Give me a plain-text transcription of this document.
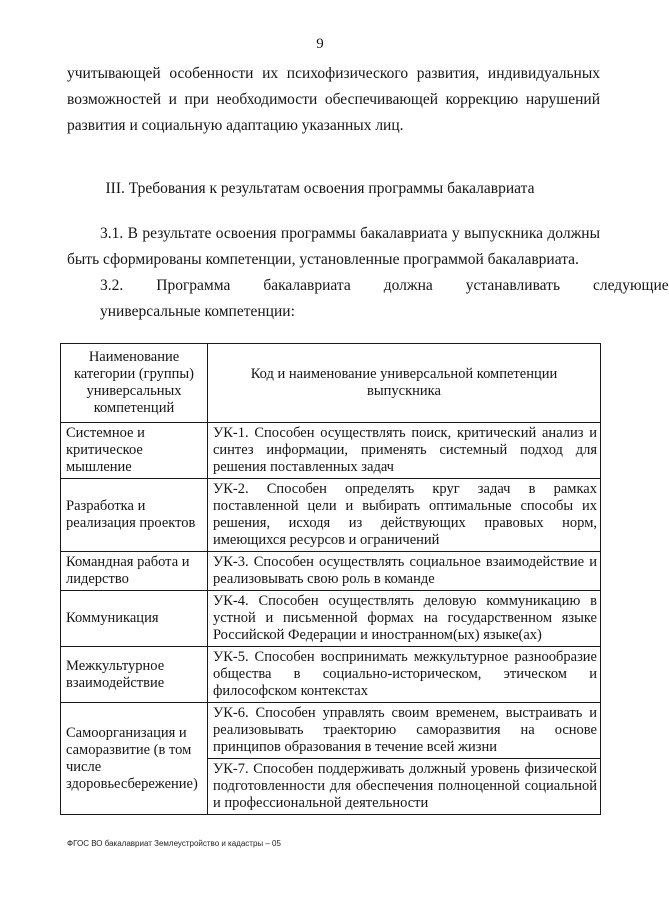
9
учитывающей особенности их психофизического развития, индивидуальных возможностей и при необходимости обеспечивающей коррекцию нарушений развития и социальную адаптацию указанных лиц.
III. Требования к результатам освоения программы бакалавриата
3.1. В результате освоения программы бакалавриата у выпускника должны быть сформированы компетенции, установленные программой бакалавриата.
3.2.	Программа	бакалавриата	должна	устанавливать	следующие
универсальные компетенции:
Наименование категории (группы) универсальных компетенций	Код и наименование универсальной компетенции выпускника
Системное и критическое мышление	УК-1. Способен осуществлять поиск, критический анализ и синтез информации, применять системный подход для решения поставленных задач
Разработка и реализация проектов	УК-2. Способен определять круг задач в рамках поставленной цели и выбирать оптимальные способы их решения, исходя из действующих правовых норм, имеющихся ресурсов и ограничений
Командная работа и лидерство	УК-3. Способен осуществлять социальное взаимодействие и реализовывать свою роль в команде
Коммуникация	УК-4. Способен осуществлять деловую коммуникацию в устной и письменной формах на государственном языке Российской Федерации и иностранном(ых) языке(ах)
Межкультурное взаимодействие	УК-5. Способен воспринимать межкультурное разнообразие общества в социально-историческом, этическом и философском контекстах
Самоорганизация и саморазвитие (в том числе здоровьесбережение)	УК-6. Способен управлять своим временем, выстраивать и реализовывать траекторию саморазвития на основе принципов образования в течение всей жизни
	УК-7. Способен поддерживать должный уровень физической подготовленности для обеспечения полноценной социальной и профессиональной деятельности
ФГОС ВО бакалавриат Землеустройство и кадастры – 05
